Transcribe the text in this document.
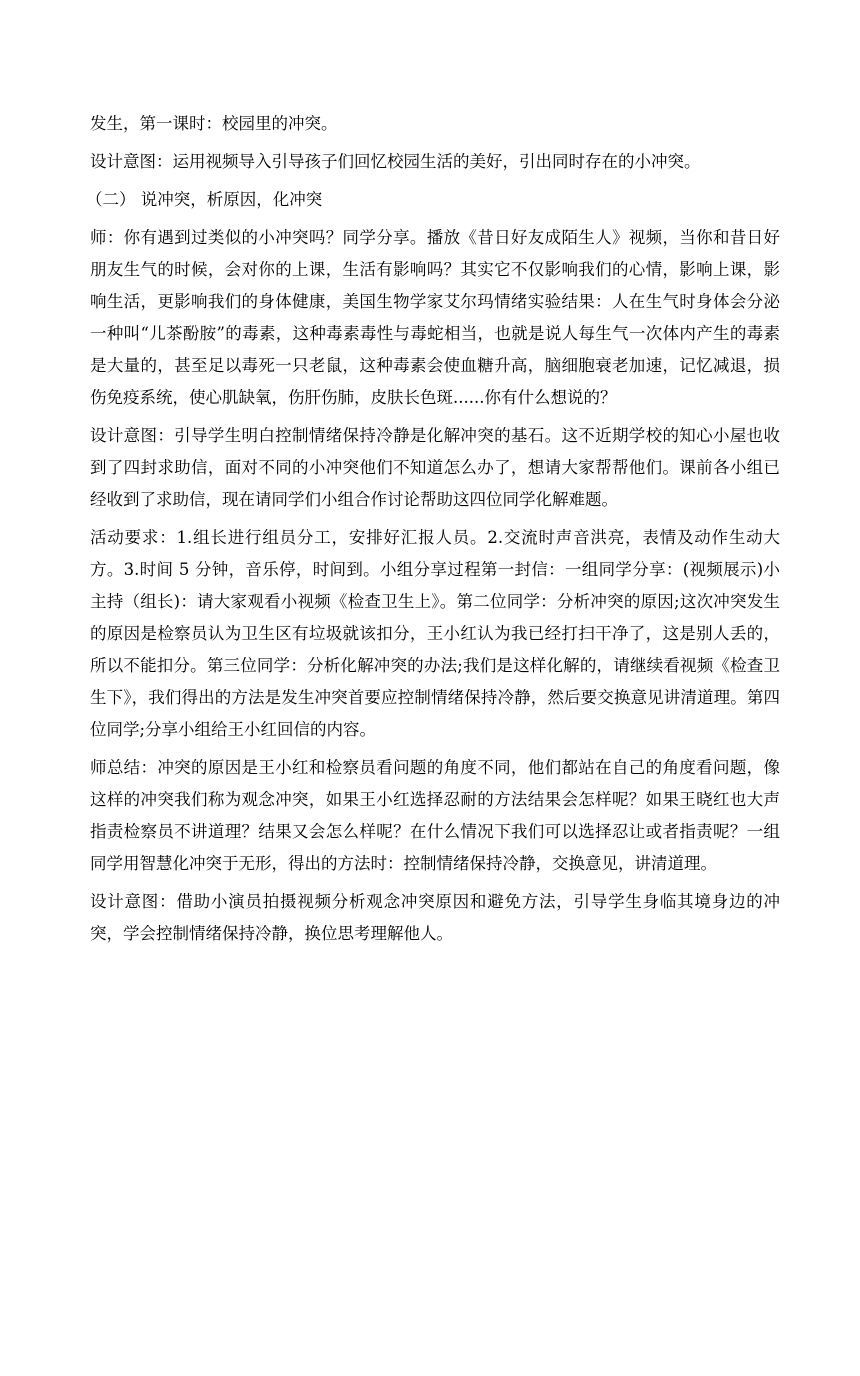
发生，第一课时：校园里的冲突。

设计意图：运用视频导入引导孩子们回忆校园生活的美好，引出同时存在的小冲突。

（二） 说冲突，析原因，化冲突

师：你有遇到过类似的小冲突吗？同学分享。播放《昔日好友成陌生人》视频，当你和昔日好朋友生气的时候，会对你的上课，生活有影响吗？其实它不仅影响我们的心情，影响上课，影响生活，更影响我们的身体健康，美国生物学家艾尔玛情绪实验结果：人在生气时身体会分泌一种叫“儿茶酚胺”的毒素，这种毒素毒性与毒蛇相当，也就是说人每生气一次体内产生的毒素是大量的，甚至足以毒死一只老鼠，这种毒素会使血糖升高，脑细胞衰老加速，记忆减退，损伤免疫系统，使心肌缺氧，伤肝伤肺，皮肤长色斑......你有什么想说的？

设计意图：引导学生明白控制情绪保持冷静是化解冲突的基石。这不近期学校的知心小屋也收到了四封求助信，面对不同的小冲突他们不知道怎么办了，想请大家帮帮他们。课前各小组已经收到了求助信，现在请同学们小组合作讨论帮助这四位同学化解难题。

活动要求：1.组长进行组员分工，安排好汇报人员。2.交流时声音洪亮，表情及动作生动大方。3.时间 5 分钟，音乐停，时间到。小组分享过程第一封信：一组同学分享：(视频展示)小主持（组长)：请大家观看小视频《检查卫生上》。第二位同学：分析冲突的原因;这次冲突发生的原因是检察员认为卫生区有垃圾就该扣分，王小红认为我已经打扫干净了，这是别人丢的，所以不能扣分。第三位同学：分析化解冲突的办法;我们是这样化解的，请继续看视频《检查卫生下》，我们得出的方法是发生冲突首要应控制情绪保持冷静，然后要交换意见讲清道理。第四位同学;分享小组给王小红回信的内容。

师总结：冲突的原因是王小红和检察员看问题的角度不同，他们都站在自己的角度看问题，像这样的冲突我们称为观念冲突，如果王小红选择忍耐的方法结果会怎样呢？如果王晓红也大声指责检察员不讲道理？结果又会怎么样呢？在什么情况下我们可以选择忍让或者指责呢？一组同学用智慧化冲突于无形，得出的方法时：控制情绪保持冷静，交换意见，讲清道理。

设计意图：借助小演员拍摄视频分析观念冲突原因和避免方法，引导学生身临其境身边的冲突，学会控制情绪保持冷静，换位思考理解他人。
